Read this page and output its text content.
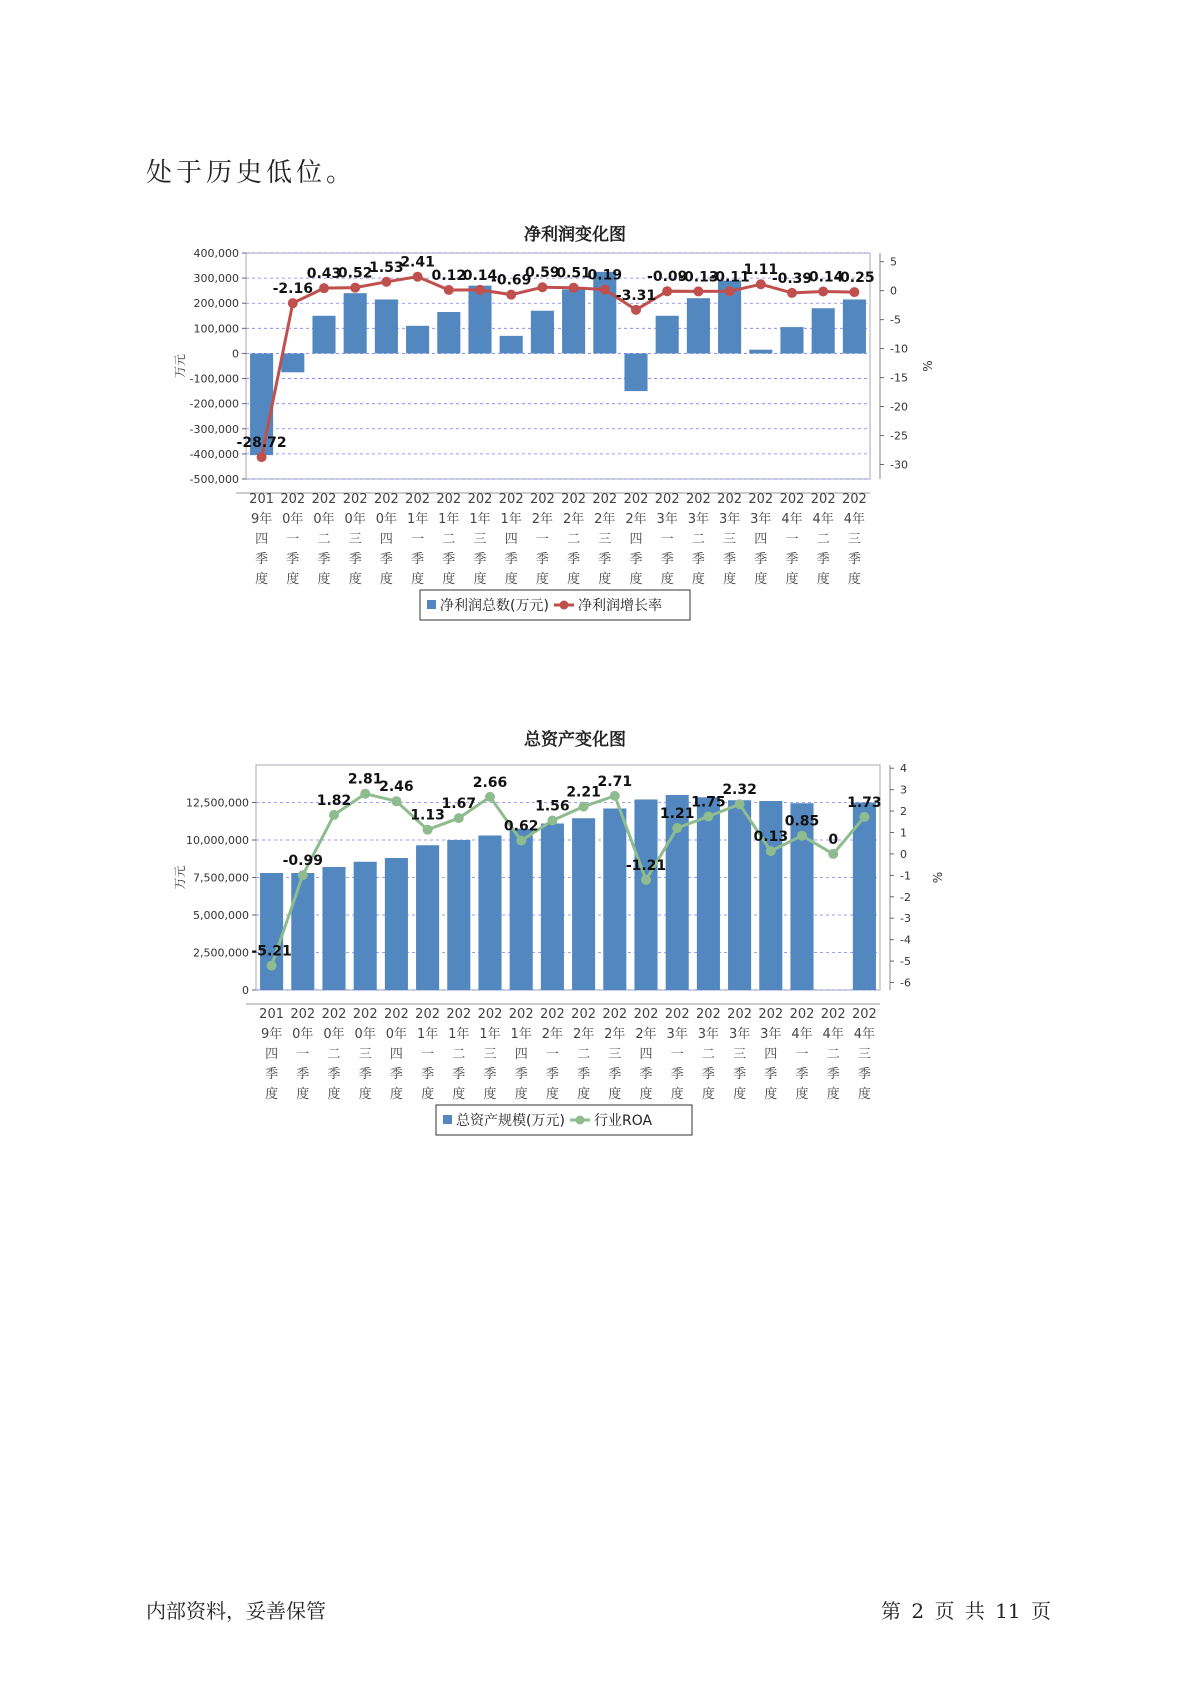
处于历史低位。
净利润变化图
400,000
300,000
200,000
100,000
0
-100,000
-200,000
-300,000
-400,000
-500,000
5
0
-5
-10
-15
-20
-25
-30
万元	%
-28.72
-2.16
0.43
0.52
1.53
2.41
0.12
0.14
-0.69
0.59
0.51
0.19
-3.31
-0.09
-0.13
-0.11
1.11
-0.39
-0.14
-0.25
201
9年
四
季
度
202
0年
一
季
度
202
0年
二
季
度
202
0年
三
季
度
202
0年
四
季
度
202
1年
一
季
度
202
1年
二
季
度
202
1年
三
季
度
202
1年
四
季
度
202
2年
一
季
度
202
2年
二
季
度
202
2年
三
季
度
202
2年
四
季
度
202
3年
一
季
度
202
3年
二
季
度
202
3年
三
季
度
202
3年
四
季
度
202
4年
一
季
度
202
4年
二
季
度
202
4年
三
季
度
净利润总数(万元) 净利润增长率
总资产变化图
12,500,000
10,000,000
7,500,000
5,000,000
2,500,000
0
4
3
2
1
0
-1
-2
-3
-4
-5
-6
万元	%
-5.21
-0.99
1.82
2.81
2.46
1.13
1.67
2.66
0.62
1.56
2.21
2.71
-1.21
1.21
1.75
2.32
0.13
0.85
0
1.73
201
9年
四
季
度
202
0年
一
季
度
202
0年
二
季
度
202
0年
三
季
度
202
0年
四
季
度
202
1年
一
季
度
202
1年
二
季
度
202
1年
三
季
度
202
1年
四
季
度
202
2年
一
季
度
202
2年
二
季
度
202
2年
三
季
度
202
2年
四
季
度
202
3年
一
季
度
202
3年
二
季
度
202
3年
三
季
度
202
3年
四
季
度
202
4年
一
季
度
202
4年
二
季
度
202
4年
三
季
度
总资产规模(万元) 行业ROA
内部资料，妥善保管	第 2 页 共 11 页
